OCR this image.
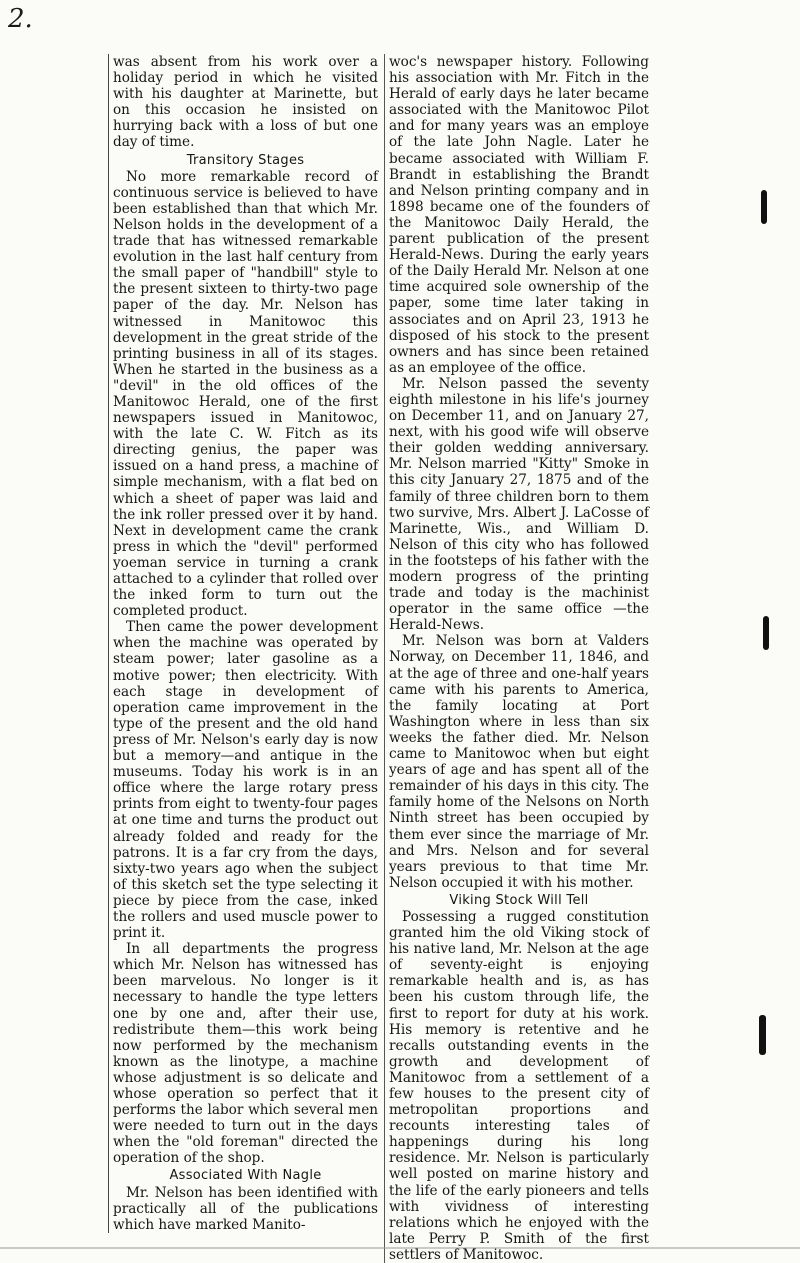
2.

was absent from his work over a holiday period in which he visited with his daughter at Marinette, but on this occasion he insisted on hurrying back with a loss of but one day of time.

Transitory Stages

No more remarkable record of continuous service is believed to have been established than that which Mr. Nelson holds in the development of a trade that has witnessed remarkable evolution in the last half century from the small paper of "handbill" style to the present sixteen to thirty-two page paper of the day. Mr. Nelson has witnessed in Manitowoc this development in the great stride of the printing business in all of its stages. When he started in the business as a "devil" in the old offices of the Manitowoc Herald, one of the first newspapers issued in Manitowoc, with the late C. W. Fitch as its directing genius, the paper was issued on a hand press, a machine of simple mechanism, with a flat bed on which a sheet of paper was laid and the ink roller pressed over it by hand. Next in development came the crank press in which the "devil" performed yoeman service in turning a crank attached to a cylinder that rolled over the inked form to turn out the completed product.

Then came the power development when the machine was operated by steam power; later gasoline as a motive power; then electricity. With each stage in development of operation came improvement in the type of the present and the old hand press of Mr. Nelson's early day is now but a memory—and antique in the museums. Today his work is in an office where the large rotary press prints from eight to twenty-four pages at one time and turns the product out already folded and ready for the patrons. It is a far cry from the days, sixty-two years ago when the subject of this sketch set the type selecting it piece by piece from the case, inked the rollers and used muscle power to print it.

In all departments the progress which Mr. Nelson has witnessed has been marvelous. No longer is it necessary to handle the type letters one by one and, after their use, redistribute them—this work being now performed by the mechanism known as the linotype, a machine whose adjustment is so delicate and whose operation so perfect that it performs the labor which several men were needed to turn out in the days when the "old foreman" directed the operation of the shop.

Associated With Nagle

Mr. Nelson has been identified with practically all of the publications which have marked Manito-

woc's newspaper history. Following his association with Mr. Fitch in the Herald of early days he later became associated with the Manitowoc Pilot and for many years was an employe of the late John Nagle. Later he became associated with William F. Brandt in establishing the Brandt and Nelson printing company and in 1898 became one of the founders of the Manitowoc Daily Herald, the parent publication of the present Herald-News. During the early years of the Daily Herald Mr. Nelson at one time acquired sole ownership of the paper, some time later taking in associates and on April 23, 1913 he disposed of his stock to the present owners and has since been retained as an employee of the office.

Mr. Nelson passed the seventy eighth milestone in his life's journey on December 11, and on January 27, next, with his good wife will observe their golden wedding anniversary. Mr. Nelson married "Kitty" Smoke in this city January 27, 1875 and of the family of three children born to them two survive, Mrs. Albert J. LaCosse of Marinette, Wis., and William D. Nelson of this city who has followed in the footsteps of his father with the modern progress of the printing trade and today is the machinist operator in the same office —the Herald-News.

Mr. Nelson was born at Valders Norway, on December 11, 1846, and at the age of three and one-half years came with his parents to America, the family locating at Port Washington where in less than six weeks the father died. Mr. Nelson came to Manitowoc when but eight years of age and has spent all of the remainder of his days in this city. The family home of the Nelsons on North Ninth street has been occupied by them ever since the marriage of Mr. and Mrs. Nelson and for several years previous to that time Mr. Nelson occupied it with his mother.

Viking Stock Will Tell

Possessing a rugged constitution granted him the old Viking stock of his native land, Mr. Nelson at the age of seventy-eight is enjoying remarkable health and is, as has been his custom through life, the first to report for duty at his work. His memory is retentive and he recalls outstanding events in the growth and development of Manitowoc from a settlement of a few houses to the present city of metropolitan proportions and recounts interesting tales of happenings during his long residence. Mr. Nelson is particularly well posted on marine history and the life of the early pioneers and tells with vividness of interesting relations which he enjoyed with the late Perry P. Smith of the first settlers of Manitowoc.
